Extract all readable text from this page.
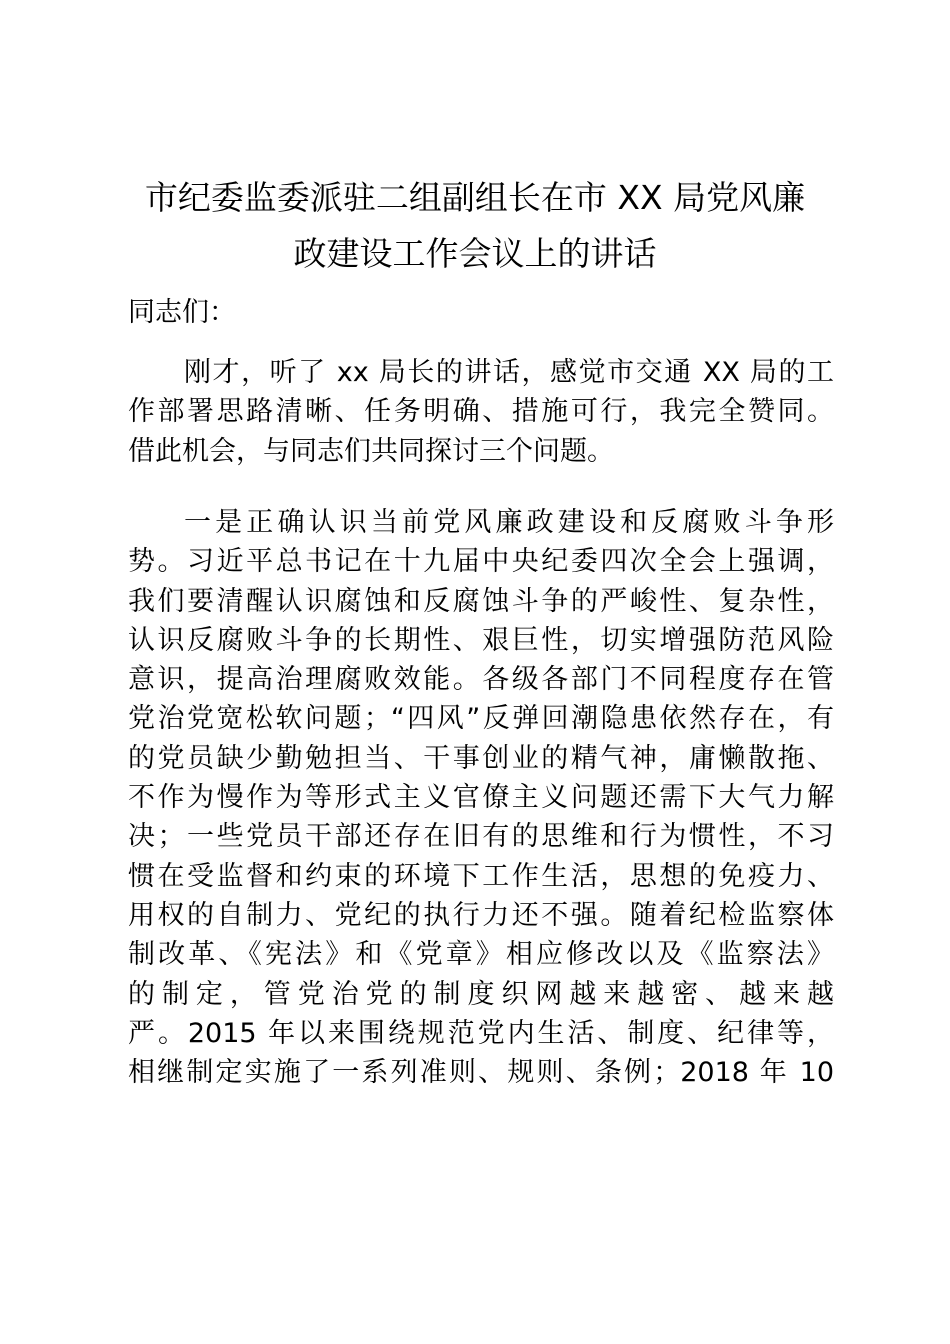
市纪委监委派驻二组副组长在市 XX 局党风廉
政建设工作会议上的讲话

同志们：

刚才，听了 xx 局长的讲话，感觉市交通 XX 局的工
作部署思路清晰、任务明确、措施可行，我完全赞同。
借此机会，与同志们共同探讨三个问题。
一是正确认识当前党风廉政建设和反腐败斗争形
势。习近平总书记在十九届中央纪委四次全会上强调，
我们要清醒认识腐蚀和反腐蚀斗争的严峻性、复杂性，
认识反腐败斗争的长期性、艰巨性，切实增强防范风险
意识，提高治理腐败效能。各级各部门不同程度存在管
党治党宽松软问题；“四风”反弹回潮隐患依然存在，有
的党员缺少勤勉担当、干事创业的精气神，庸懒散拖、
不作为慢作为等形式主义官僚主义问题还需下大气力解
决；一些党员干部还存在旧有的思维和行为惯性，不习
惯在受监督和约束的环境下工作生活，思想的免疫力、
用权的自制力、党纪的执行力还不强。随着纪检监察体
制改革、《宪法》和《党章》相应修改以及《监察法》
的制定，管党治党的制度织网越来越密、越来越
严。2015 年以来围绕规范党内生活、制度、纪律等，
相继制定实施了一系列准则、规则、条例；2018 年 10
